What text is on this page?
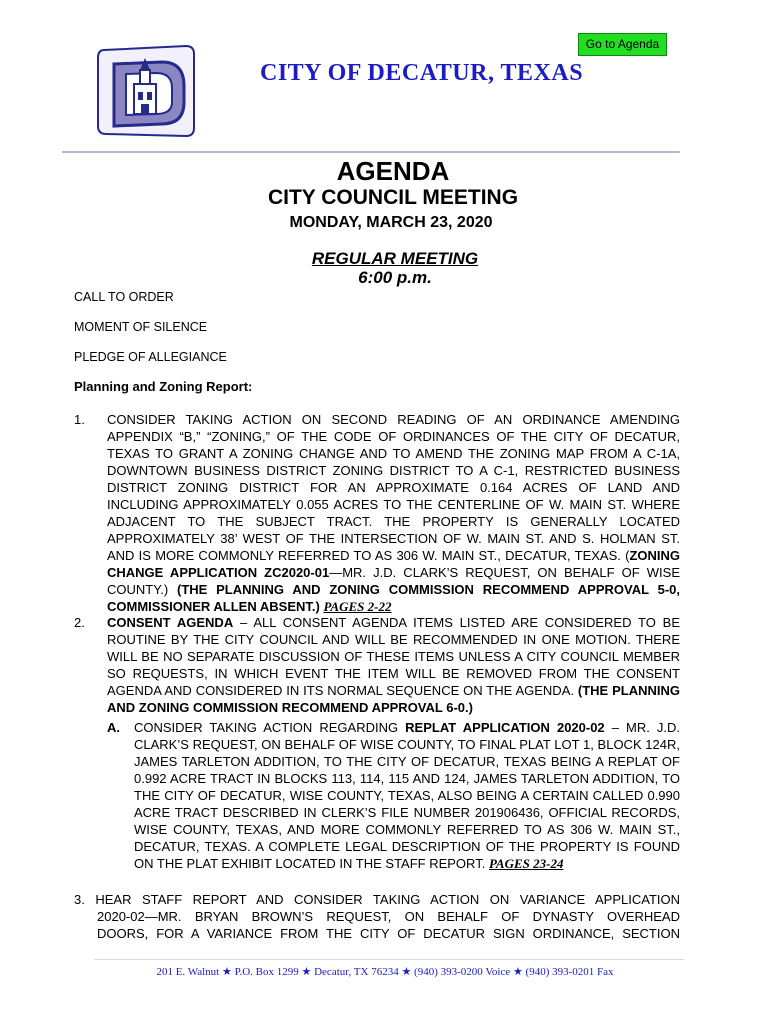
Go to Agenda
CITY OF DECATUR, TEXAS
AGENDA
CITY COUNCIL MEETING
MONDAY, MARCH 23, 2020
REGULAR MEETING
6:00 p.m.
CALL TO ORDER
MOMENT OF SILENCE
PLEDGE OF ALLEGIANCE
Planning and Zoning Report:
1. CONSIDER TAKING ACTION ON SECOND READING OF AN ORDINANCE AMENDING APPENDIX “B,” “ZONING,” OF THE CODE OF ORDINANCES OF THE CITY OF DECATUR, TEXAS TO GRANT A ZONING CHANGE AND TO AMEND THE ZONING MAP FROM A C-1A, DOWNTOWN BUSINESS DISTRICT ZONING DISTRICT TO A C-1, RESTRICTED BUSINESS DISTRICT ZONING DISTRICT FOR AN APPROXIMATE 0.164 ACRES OF LAND AND INCLUDING APPROXIMATELY 0.055 ACRES TO THE CENTERLINE OF W. MAIN ST. WHERE ADJACENT TO THE SUBJECT TRACT. THE PROPERTY IS GENERALLY LOCATED APPROXIMATELY 38’ WEST OF THE INTERSECTION OF W. MAIN ST. AND S. HOLMAN ST. AND IS MORE COMMONLY REFERRED TO AS 306 W. MAIN ST., DECATUR, TEXAS. (ZONING CHANGE APPLICATION ZC2020-01—MR. J.D. CLARK’S REQUEST, ON BEHALF OF WISE COUNTY.) (THE PLANNING AND ZONING COMMISSION RECOMMEND APPROVAL 5-0, COMMISSIONER ALLEN ABSENT.) PAGES 2-22
2. CONSENT AGENDA – ALL CONSENT AGENDA ITEMS LISTED ARE CONSIDERED TO BE ROUTINE BY THE CITY COUNCIL AND WILL BE RECOMMENDED IN ONE MOTION. THERE WILL BE NO SEPARATE DISCUSSION OF THESE ITEMS UNLESS A CITY COUNCIL MEMBER SO REQUESTS, IN WHICH EVENT THE ITEM WILL BE REMOVED FROM THE CONSENT AGENDA AND CONSIDERED IN ITS NORMAL SEQUENCE ON THE AGENDA. (THE PLANNING AND ZONING COMMISSION RECOMMEND APPROVAL 6-0.)
A. CONSIDER TAKING ACTION REGARDING REPLAT APPLICATION 2020-02 – MR. J.D. CLARK’S REQUEST, ON BEHALF OF WISE COUNTY, TO FINAL PLAT LOT 1, BLOCK 124R, JAMES TARLETON ADDITION, TO THE CITY OF DECATUR, TEXAS BEING A REPLAT OF 0.992 ACRE TRACT IN BLOCKS 113, 114, 115 AND 124, JAMES TARLETON ADDITION, TO THE CITY OF DECATUR, WISE COUNTY, TEXAS, ALSO BEING A CERTAIN CALLED 0.990 ACRE TRACT DESCRIBED IN CLERK’S FILE NUMBER 201906436, OFFICIAL RECORDS, WISE COUNTY, TEXAS, AND MORE COMMONLY REFERRED TO AS 306 W. MAIN ST., DECATUR, TEXAS. A COMPLETE LEGAL DESCRIPTION OF THE PROPERTY IS FOUND ON THE PLAT EXHIBIT LOCATED IN THE STAFF REPORT. PAGES 23-24
3. HEAR STAFF REPORT AND CONSIDER TAKING ACTION ON VARIANCE APPLICATION
2020-02—MR. BRYAN BROWN’S REQUEST, ON BEHALF OF DYNASTY OVERHEAD
DOORS, FOR A VARIANCE FROM THE CITY OF DECATUR SIGN ORDINANCE, SECTION
201 E. Walnut ★ P.O. Box 1299 ★ Decatur, TX 76234 ★ (940) 393-0200 Voice ★ (940) 393-0201 Fax
